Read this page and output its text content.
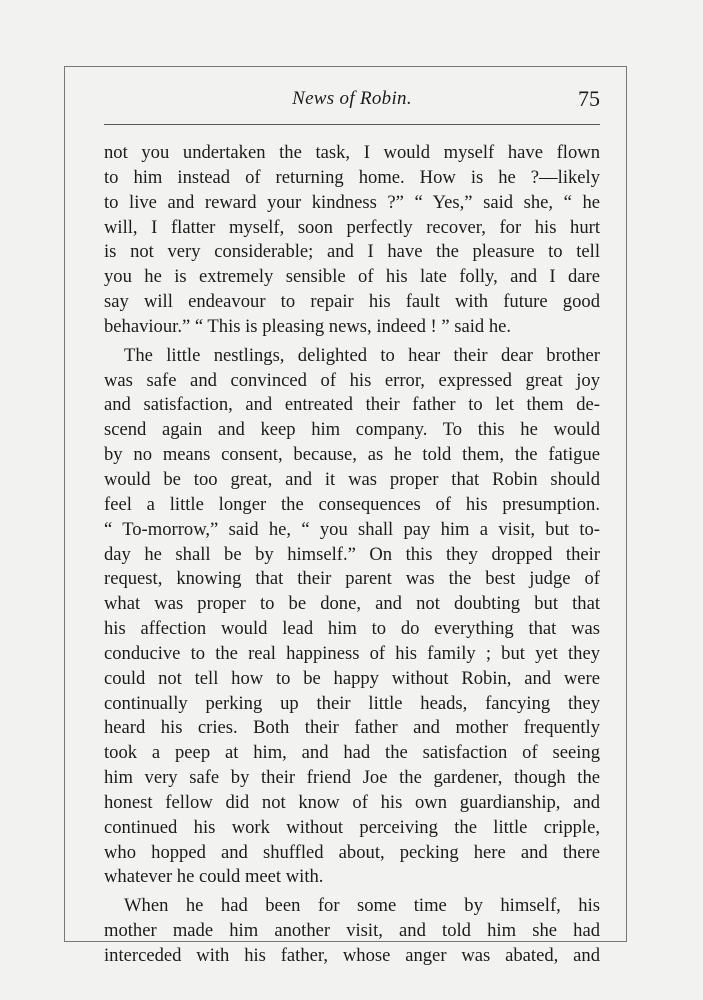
News of Robin.	75
not you undertaken the task, I would myself have flown
to him instead of returning home. How is he ?—likely
to live and reward your kindness ?” “ Yes,” said she, “ he
will, I flatter myself, soon perfectly recover, for his hurt
is not very considerable; and I have the pleasure to tell
you he is extremely sensible of his late folly, and I dare
say will endeavour to repair his fault with future good
behaviour.” “ This is pleasing news, indeed ! ” said he.
The little nestlings, delighted to hear their dear brother
was safe and convinced of his error, expressed great joy
and satisfaction, and entreated their father to let them de-
scend again and keep him company. To this he would
by no means consent, because, as he told them, the fatigue
would be too great, and it was proper that Robin should
feel a little longer the consequences of his presumption.
“ To-morrow,” said he, “ you shall pay him a visit, but to-
day he shall be by himself.” On this they dropped their
request, knowing that their parent was the best judge of
what was proper to be done, and not doubting but that
his affection would lead him to do everything that was
conducive to the real happiness of his family ; but yet they
could not tell how to be happy without Robin, and were
continually perking up their little heads, fancying they
heard his cries. Both their father and mother frequently
took a peep at him, and had the satisfaction of seeing
him very safe by their friend Joe the gardener, though the
honest fellow did not know of his own guardianship, and
continued his work without perceiving the little cripple,
who hopped and shuffled about, pecking here and there
whatever he could meet with.
When he had been for some time by himself, his
mother made him another visit, and told him she had
interceded with his father, whose anger was abated, and
